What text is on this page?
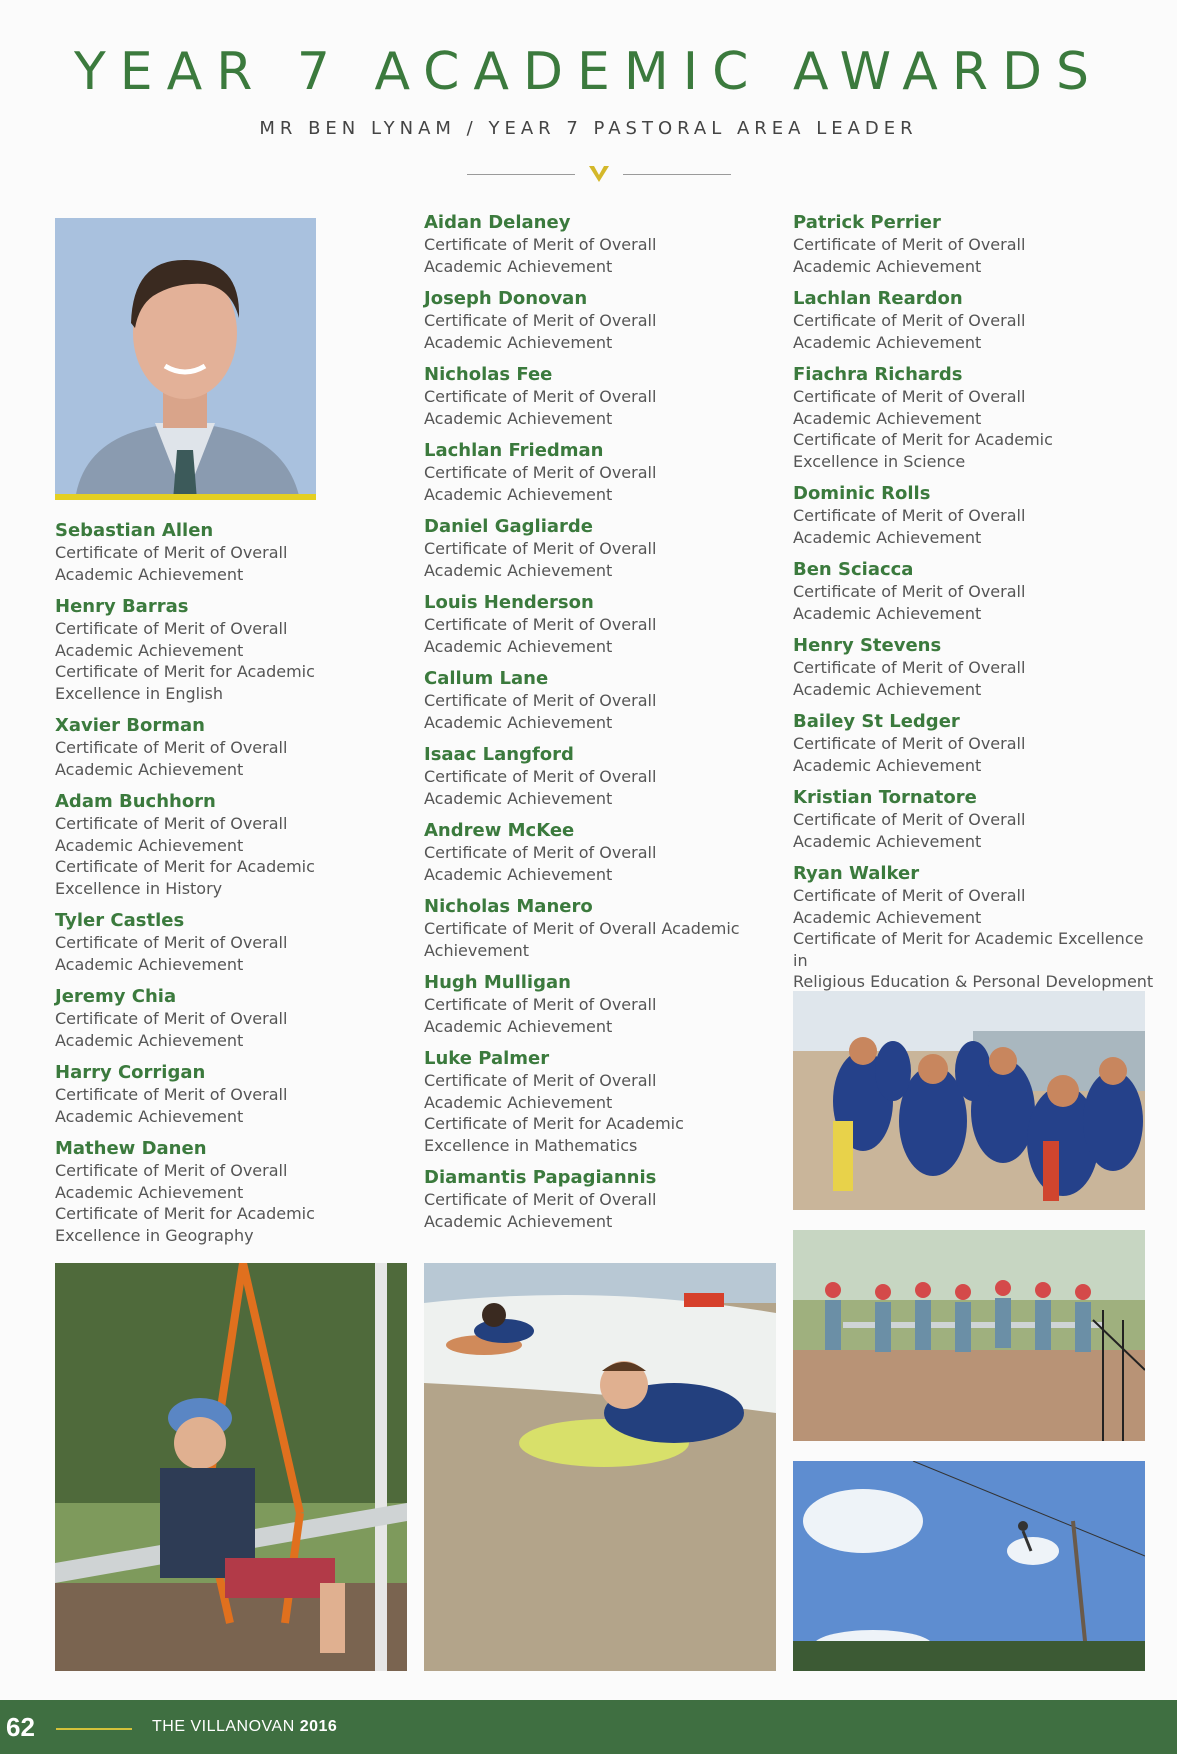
YEAR 7 ACADEMIC AWARDS
MR BEN LYNAM / YEAR 7 PASTORAL AREA LEADER
Sebastian Allen
Certificate of Merit of Overall
Academic Achievement
Henry Barras
Certificate of Merit of Overall
Academic Achievement
Certificate of Merit for Academic
Excellence in English
Xavier Borman
Certificate of Merit of Overall
Academic Achievement
Adam Buchhorn
Certificate of Merit of Overall
Academic Achievement
Certificate of Merit for Academic
Excellence in History
Tyler Castles
Certificate of Merit of Overall
Academic Achievement
Jeremy Chia
Certificate of Merit of Overall
Academic Achievement
Harry Corrigan
Certificate of Merit of Overall
Academic Achievement
Mathew Danen
Certificate of Merit of Overall
Academic Achievement
Certificate of Merit for Academic
Excellence in Geography
Aidan Delaney
Certificate of Merit of Overall
Academic Achievement
Joseph Donovan
Certificate of Merit of Overall
Academic Achievement
Nicholas Fee
Certificate of Merit of Overall
Academic Achievement
Lachlan Friedman
Certificate of Merit of Overall
Academic Achievement
Daniel Gagliarde
Certificate of Merit of Overall
Academic Achievement
Louis Henderson
Certificate of Merit of Overall
Academic Achievement
Callum Lane
Certificate of Merit of Overall
Academic Achievement
Isaac Langford
Certificate of Merit of Overall
Academic Achievement
Andrew McKee
Certificate of Merit of Overall
Academic Achievement
Nicholas Manero
Certificate of Merit of Overall Academic
Achievement
Hugh Mulligan
Certificate of Merit of Overall
Academic Achievement
Luke Palmer
Certificate of Merit of Overall
Academic Achievement
Certificate of Merit for Academic
Excellence in Mathematics
Diamantis Papagiannis
Certificate of Merit of Overall
Academic Achievement
Patrick Perrier
Certificate of Merit of Overall
Academic Achievement
Lachlan Reardon
Certificate of Merit of Overall
Academic Achievement
Fiachra Richards
Certificate of Merit of Overall
Academic Achievement
Certificate of Merit for Academic
Excellence in Science
Dominic Rolls
Certificate of Merit of Overall
Academic Achievement
Ben Sciacca
Certificate of Merit of Overall
Academic Achievement
Henry Stevens
Certificate of Merit of Overall
Academic Achievement
Bailey St Ledger
Certificate of Merit of Overall
Academic Achievement
Kristian Tornatore
Certificate of Merit of Overall
Academic Achievement
Ryan Walker
Certificate of Merit of Overall
Academic Achievement
Certificate of Merit for Academic Excellence in
Religious Education & Personal Development
62	THE VILLANOVAN 2016
